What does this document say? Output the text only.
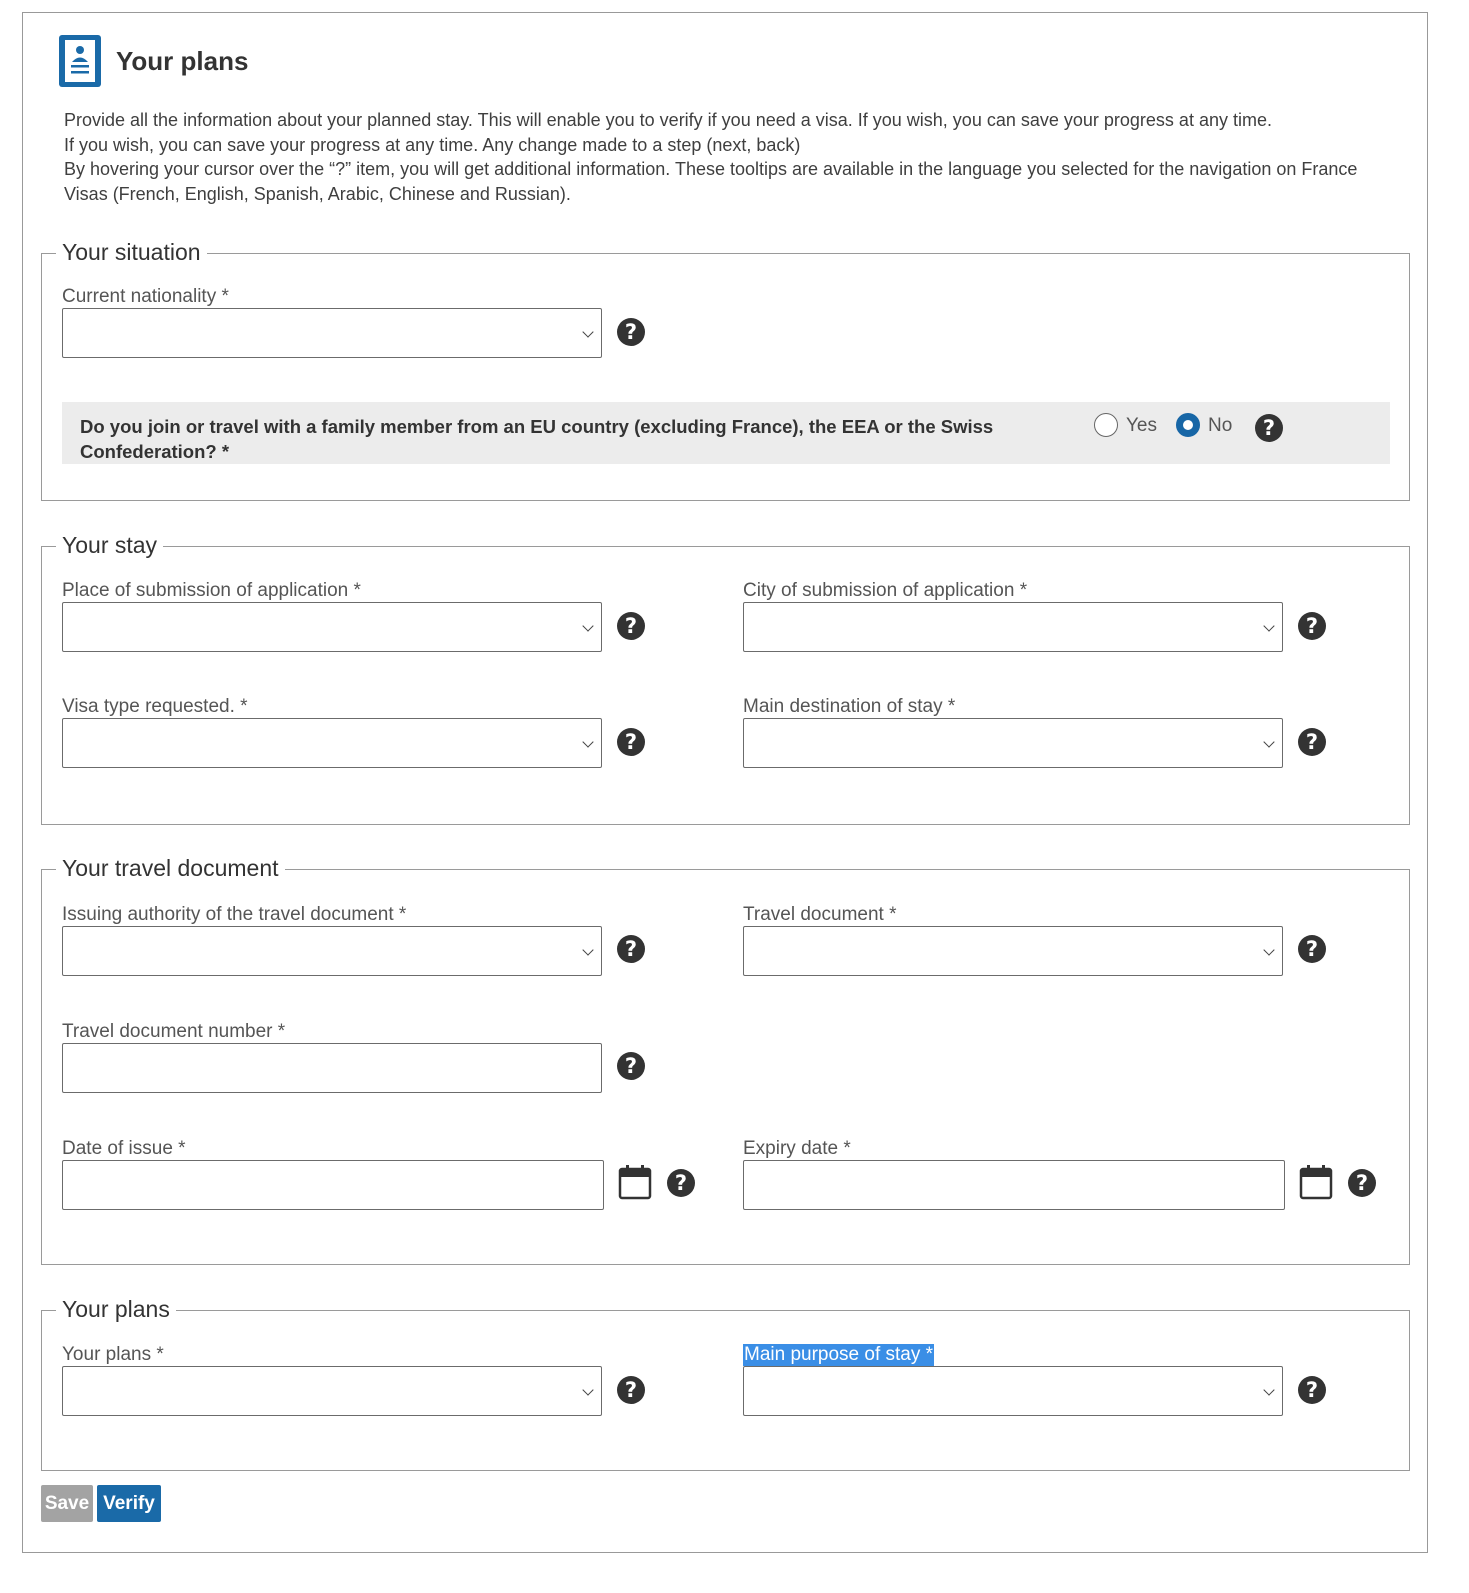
Your plans

Provide all the information about your planned stay. This will enable you to verify if you need a visa. If you wish, you can save your progress at any time.

If you wish, you can save your progress at any time. Any change made to a step (next, back)

By hovering your cursor over the “?” item, you will get additional information. These tooltips are available in the language you selected for the navigation on France Visas (French, English, Spanish, Arabic, Chinese and Russian).

Your situation
Current nationality *
?
Do you join or travel with a family member from an EU country (excluding France), the EEA or the Swiss Confederation? *
Yes	No	?
Your stay
Place of submission of application *
?
City of submission of application *
?
Visa type requested. *
?
Main destination of stay *
?
Your travel document
Issuing authority of the travel document *
?
Travel document *
?
Travel document number *
?
Date of issue *
?
Expiry date *
?
Your plans
Your plans *
?
Main purpose of stay *
?
Save Verify
